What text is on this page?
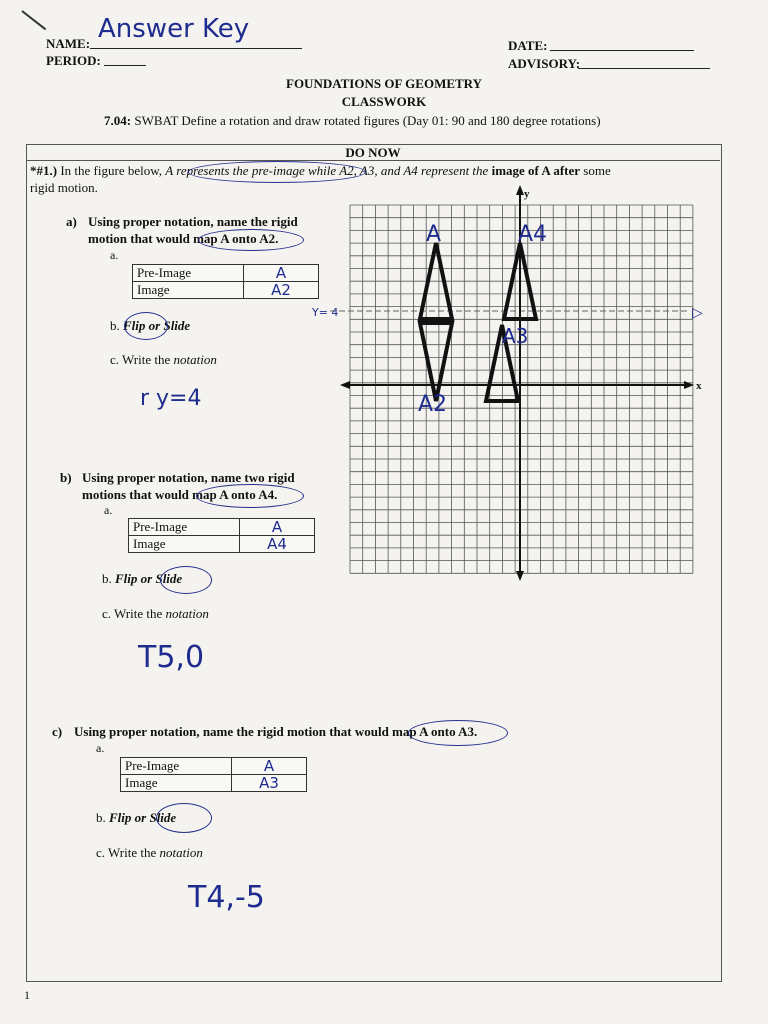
NAME: Answer Key
PERIOD:
DATE:
ADVISORY:
FOUNDATIONS OF GEOMETRY
CLASSWORK
7.04: SWBAT Define a rotation and draw rotated figures (Day 01: 90 and 180 degree rotations)
DO NOW
*#1.) In the figure below, A represents the pre-image while A2, A3, and A4 represent the image of A after some
rigid motion.
a) Using proper notation, name the rigid
motion that would map A onto A2.
a.
Pre-Image	A
Image	A2
b. Flip or Slide
c. Write the notation
r y=4
b) Using proper notation, name two rigid
motions that would map A onto A4.
a.
Pre-Image	A
Image	A4
b. Flip or Slide
c. Write the notation
T5,0
c) Using proper notation, name the rigid motion that would map A onto A3.
a.
Pre-Image	A
Image	A3
b. Flip or Slide
c. Write the notation
T4,-5
A	A4
A3
A2
y
x
▷
Y= 4
1
